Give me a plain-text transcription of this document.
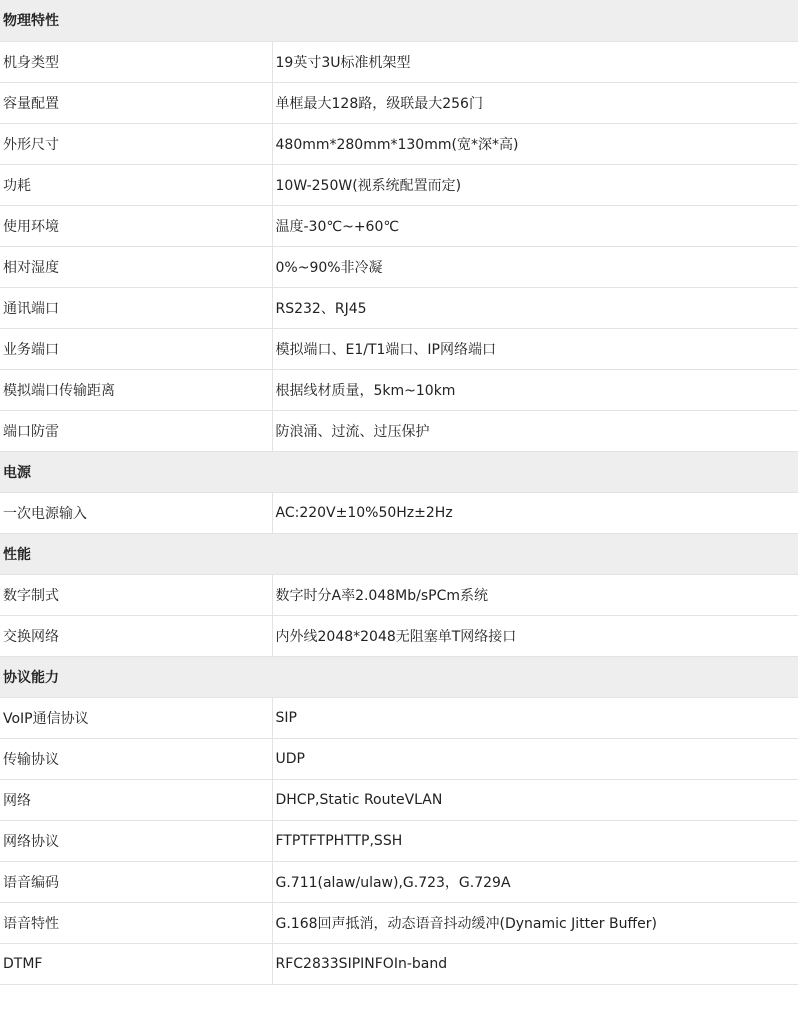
物理特性	
机身类型	19英寸3U标准机架型
容量配置	单框最大128路，级联最大256门
外形尺寸	480mm*280mm*130mm(宽*深*高)
功耗	10W-250W(视系统配置而定)
使用环境	温度-30℃~+60℃
相对湿度	0%~90%非冷凝
通讯端口	RS232、RJ45
业务端口	模拟端口、E1/T1端口、IP网络端口
模拟端口传输距离	根据线材质量，5km~10km
端口防雷	防浪涌、过流、过压保护
电源	
一次电源输入	AC:220V±10%50Hz±2Hz
性能	
数字制式	数字时分A率2.048Mb/sPCm系统
交换网络	内外线2048*2048无阻塞单T网络接口
协议能力	
VoIP通信协议	SIP
传输协议	UDP
网络	DHCP,Static RouteVLAN
网络协议	FTPTFTPHTTP,SSH
语音编码	G.711(alaw/ulaw),G.723，G.729A
语音特性	G.168回声抵消，动态语音抖动缓冲(Dynamic Jitter Buffer)
DTMF	RFC2833SIPINFOIn-band
